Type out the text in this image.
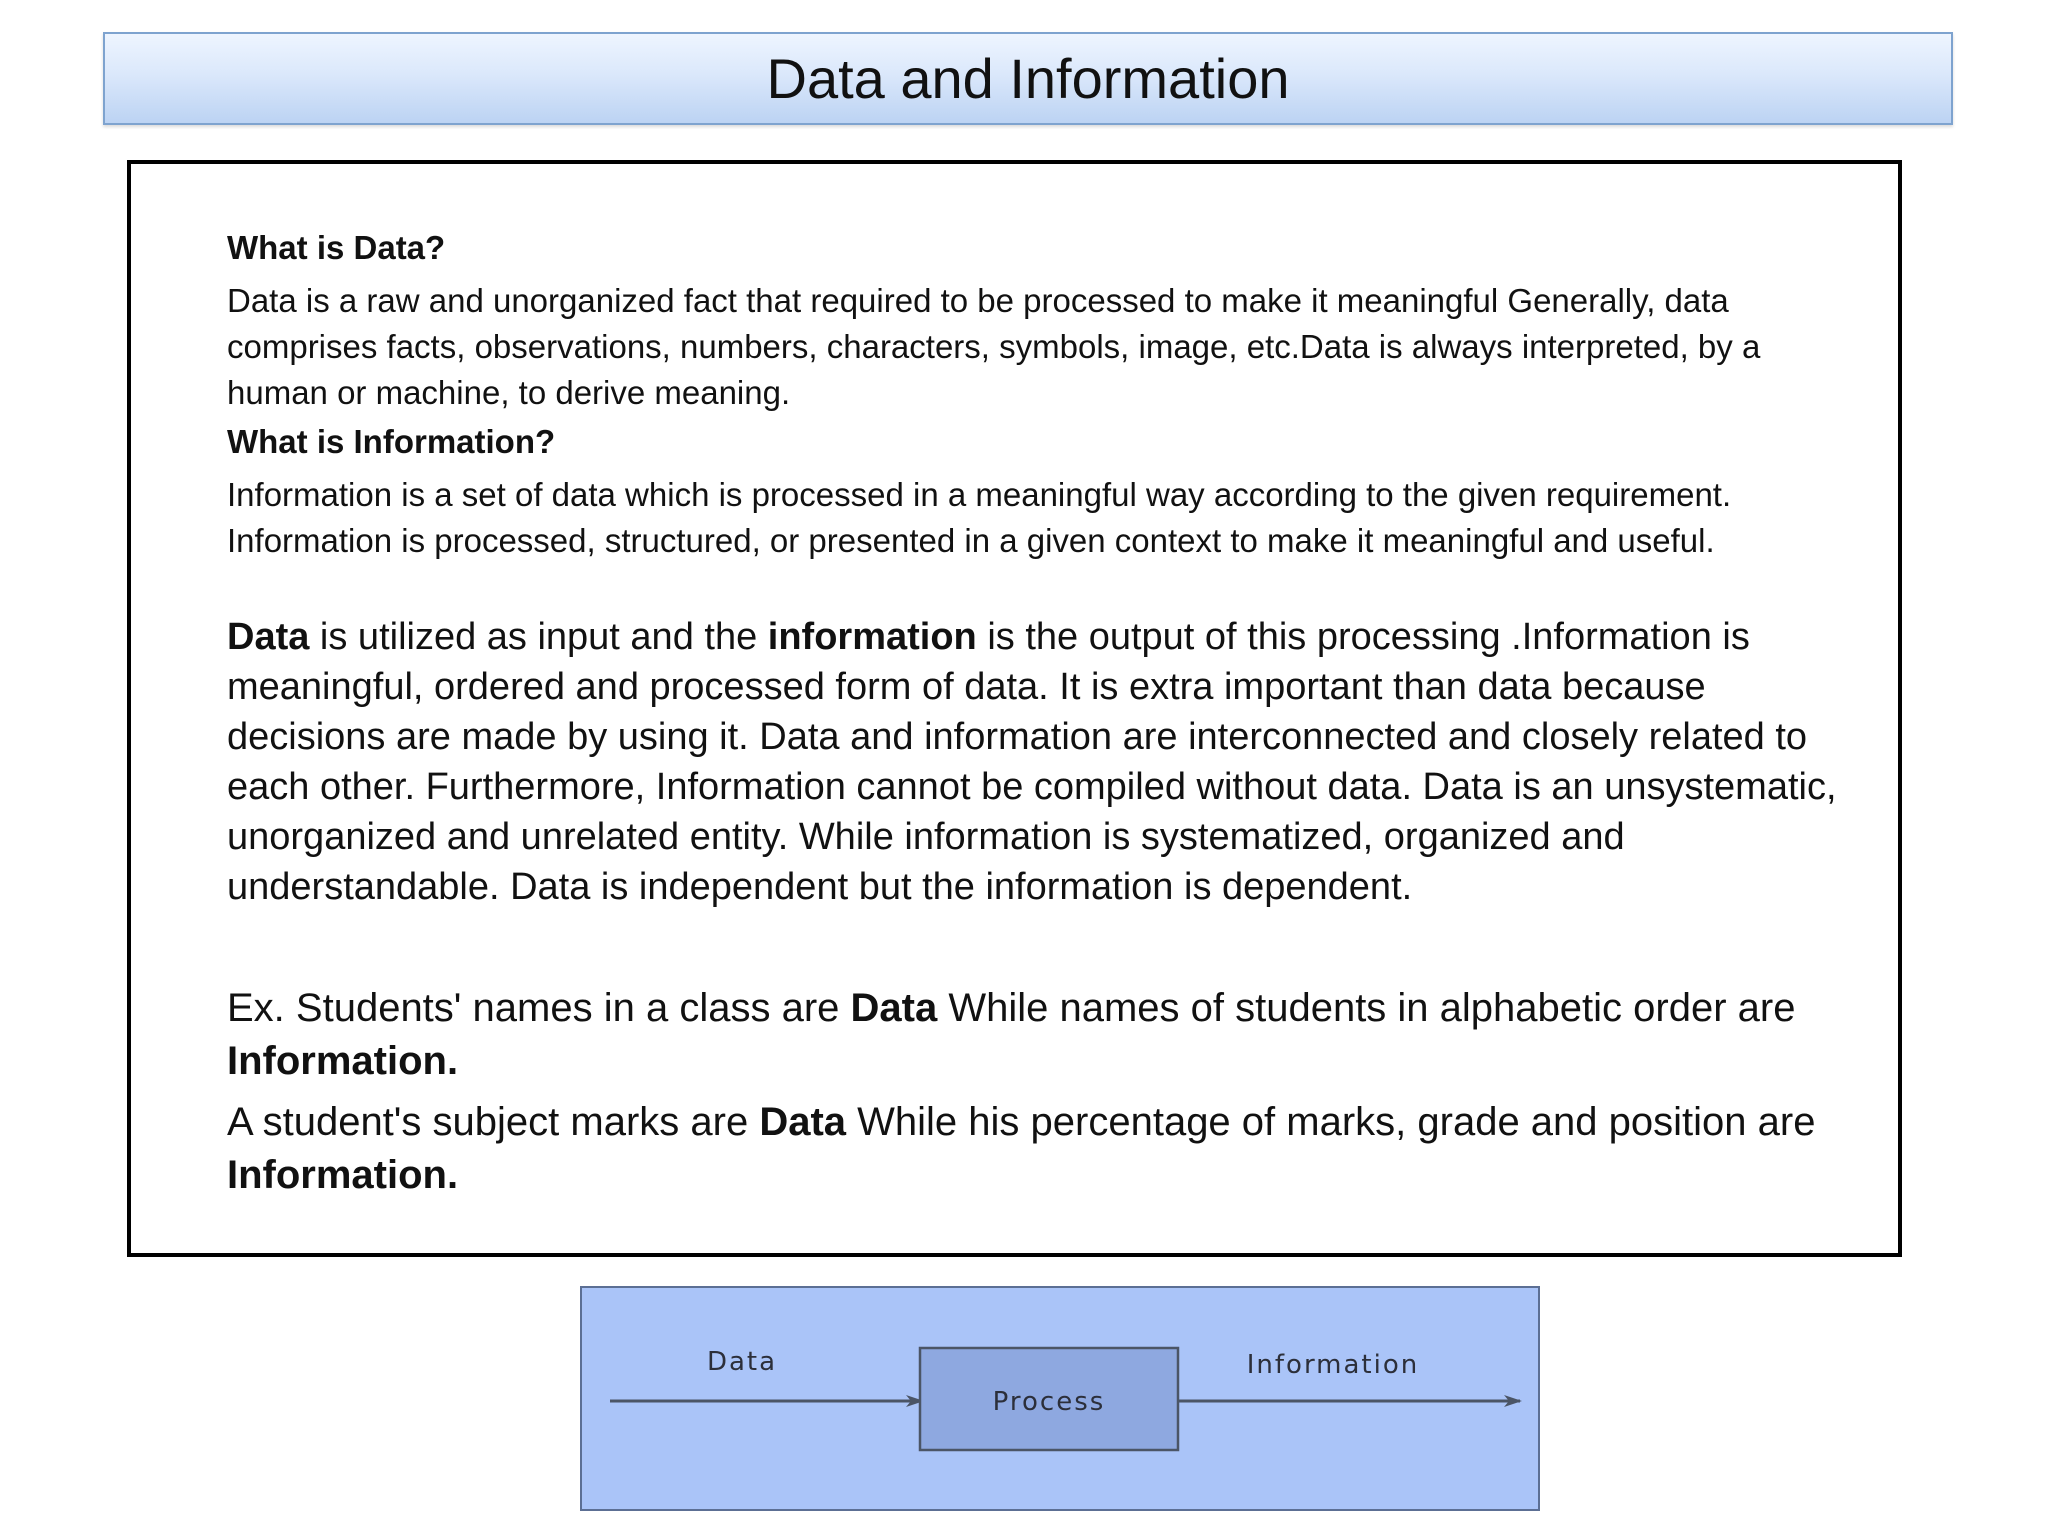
Data and Information

What is Data?

Data is a raw and unorganized fact that required to be processed to make it meaningful Generally, data comprises facts, observations, numbers, characters, symbols, image, etc.Data is always interpreted, by a human or machine, to derive meaning.

What is Information?

Information is a set of data which is processed in a meaningful way according to the given requirement. Information is processed, structured, or presented in a given context to make it meaningful and useful.

Data is utilized as input and the information is the output of this processing .Information is meaningful, ordered and processed form of data. It is extra important than data because decisions are made by using it. Data and information are interconnected and closely related to each other. Furthermore, Information cannot be compiled without data. Data is an unsystematic, unorganized and unrelated entity. While information is systematized, organized and understandable. Data is independent but the information is dependent.

Ex. Students' names in a class are Data While names of students in alphabetic order are Information.

A student's subject marks are Data While his percentage of marks, grade and position are Information.

Data
Process
Information
